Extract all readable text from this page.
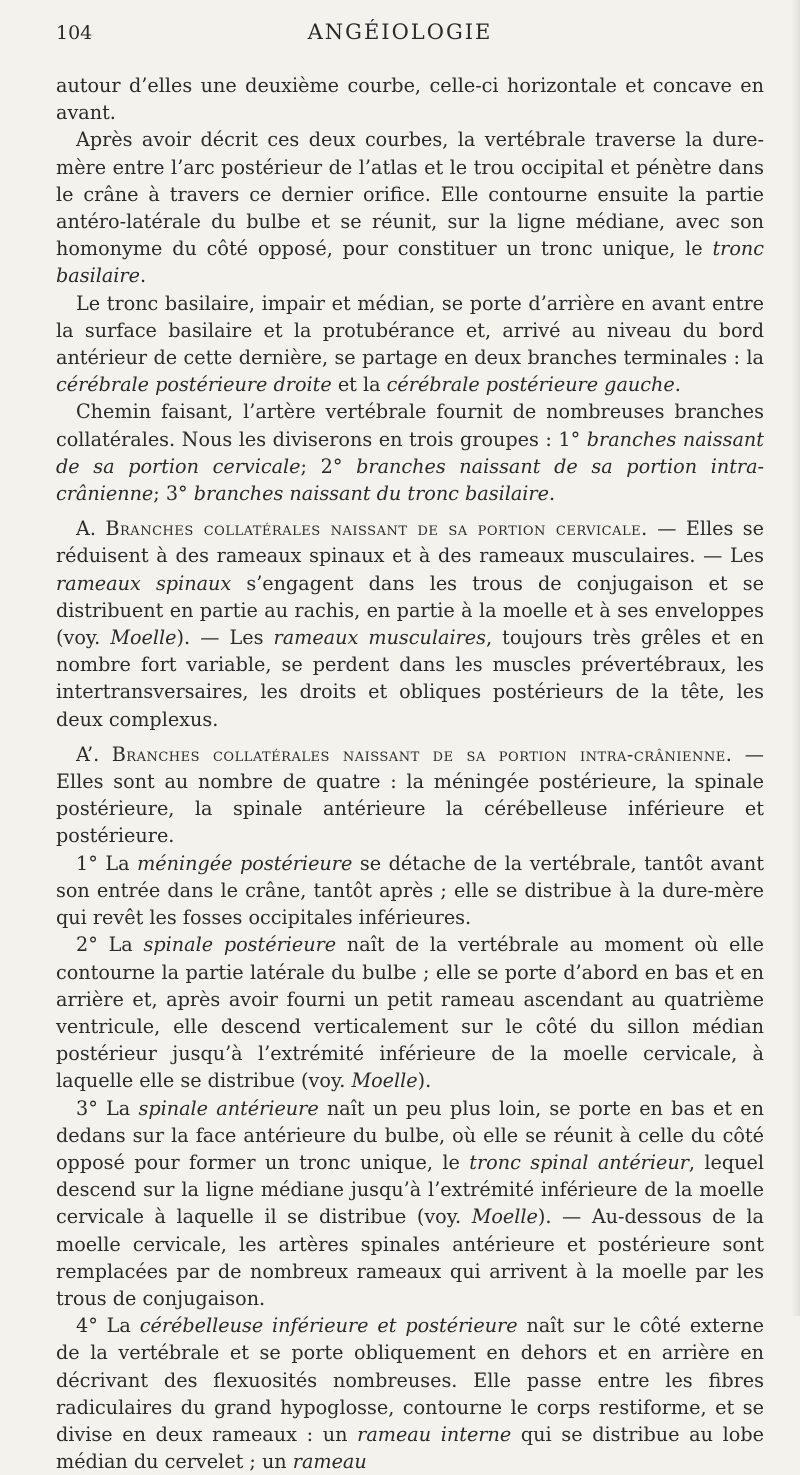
104	ANGÉIOLOGIE

autour d’elles une deuxième courbe, celle-ci horizontale et concave en avant.

Après avoir décrit ces deux courbes, la vertébrale traverse la dure-mère entre l’arc postérieur de l’atlas et le trou occipital et pénètre dans le crâne à travers ce dernier orifice. Elle contourne ensuite la partie antéro-latérale du bulbe et se réunit, sur la ligne médiane, avec son homonyme du côté opposé, pour constituer un tronc unique, le tronc basilaire.

Le tronc basilaire, impair et médian, se porte d’arrière en avant entre la surface basilaire et la protubérance et, arrivé au niveau du bord antérieur de cette dernière, se partage en deux branches terminales : la cérébrale postérieure droite et la cérébrale postérieure gauche.

Chemin faisant, l’artère vertébrale fournit de nombreuses branches collatérales. Nous les diviserons en trois groupes : 1° branches naissant de sa portion cervicale; 2° branches naissant de sa portion intra-crânienne; 3° branches naissant du tronc basilaire.

A. Branches collatérales naissant de sa portion cervicale. — Elles se réduisent à des rameaux spinaux et à des rameaux musculaires. — Les rameaux spinaux s’engagent dans les trous de conjugaison et se distribuent en partie au rachis, en partie à la moelle et à ses enveloppes (voy. Moelle). — Les rameaux musculaires, toujours très grêles et en nombre fort variable, se perdent dans les muscles prévertébraux, les intertransversaires, les droits et obliques postérieurs de la tête, les deux complexus.

A’. Branches collatérales naissant de sa portion intra-crânienne. — Elles sont au nombre de quatre : la méningée postérieure, la spinale postérieure, la spinale antérieure la cérébelleuse inférieure et postérieure.

1° La méningée postérieure se détache de la vertébrale, tantôt avant son entrée dans le crâne, tantôt après ; elle se distribue à la dure-mère qui revêt les fosses occipitales inférieures.

2° La spinale postérieure naît de la vertébrale au moment où elle contourne la partie latérale du bulbe ; elle se porte d’abord en bas et en arrière et, après avoir fourni un petit rameau ascendant au quatrième ventricule, elle descend verticalement sur le côté du sillon médian postérieur jusqu’à l’extrémité inférieure de la moelle cervicale, à laquelle elle se distribue (voy. Moelle).

3° La spinale antérieure naît un peu plus loin, se porte en bas et en dedans sur la face antérieure du bulbe, où elle se réunit à celle du côté opposé pour former un tronc unique, le tronc spinal antérieur, lequel descend sur la ligne médiane jusqu’à l’extrémité inférieure de la moelle cervicale à laquelle il se distribue (voy. Moelle). — Au-dessous de la moelle cervicale, les artères spinales antérieure et postérieure sont remplacées par de nombreux rameaux qui arrivent à la moelle par les trous de conjugaison.

4° La cérébelleuse inférieure et postérieure naît sur le côté externe de la vertébrale et se porte obliquement en dehors et en arrière en décrivant des flexuosités nombreuses. Elle passe entre les fibres radiculaires du grand hypoglosse, contourne le corps restiforme, et se divise en deux rameaux : un rameau interne qui se distribue au lobe médian du cervelet ; un rameau
